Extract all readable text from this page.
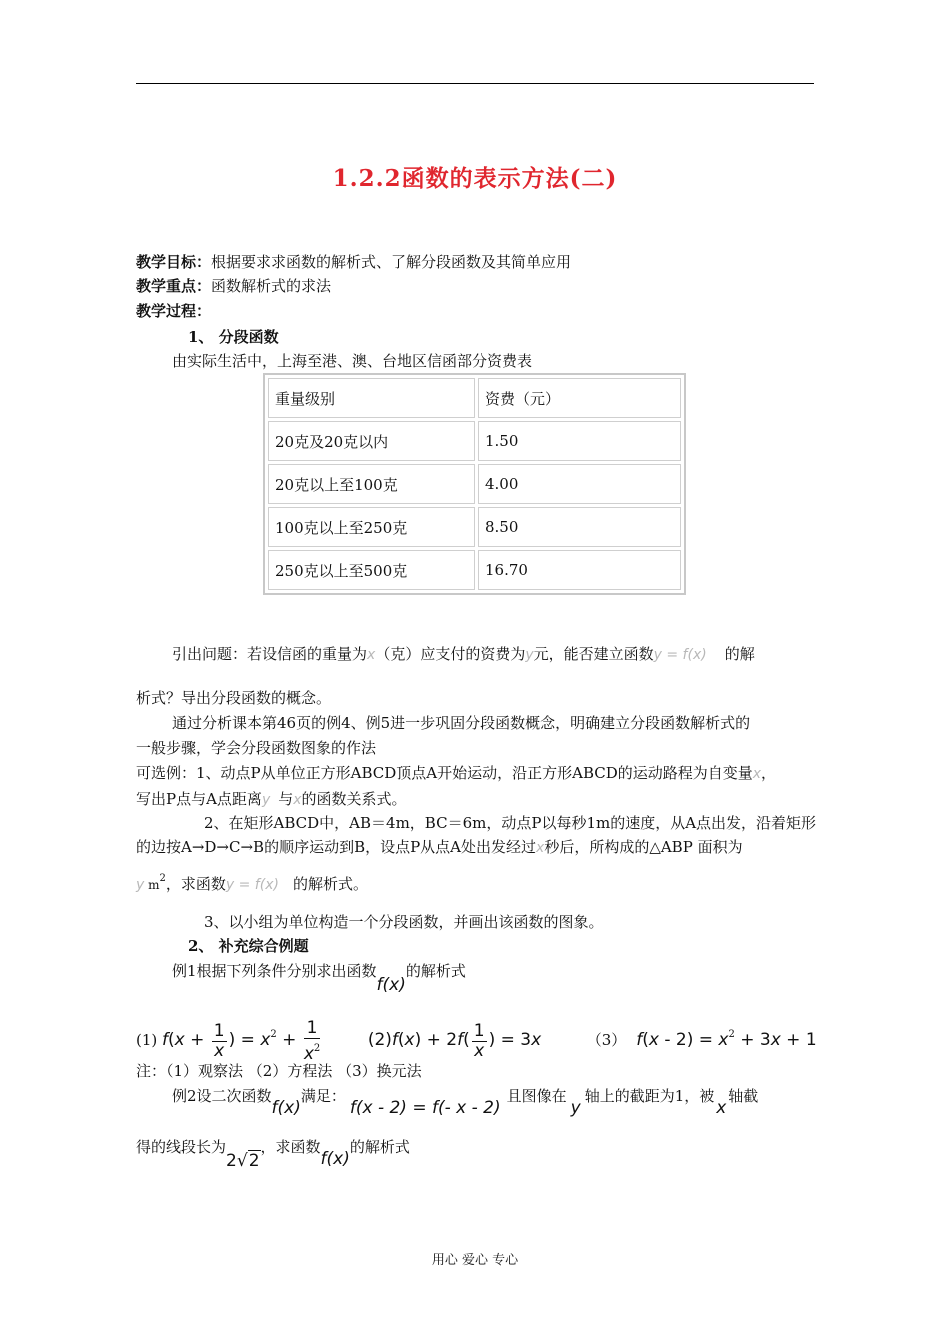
1.2.2函数的表示方法(二)
教学目标：根据要求求函数的解析式、了解分段函数及其简单应用
教学重点：函数解析式的求法
教学过程：
1、 分段函数
由实际生活中，上海至港、澳、台地区信函部分资费表
重量级别	资费（元）
20克及20克以内	1.50
20克以上至100克	4.00
100克以上至250克	8.50
250克以上至500克	16.70
引出问题：若设信函的重量为x（克）应支付的资费为y元，能否建立函数y = f(x) 的解
析式？导出分段函数的概念。
通过分析课本第46页的例4、例5进一步巩固分段函数概念，明确建立分段函数解析式的
一般步骤，学会分段函数图象的作法
可选例：1、动点P从单位正方形ABCD顶点A开始运动，沿正方形ABCD的运动路程为自变量x，
写出P点与A点距离y 与x的函数关系式。
2、在矩形ABCD中，AB＝4m，BC＝6m，动点P以每秒1m的速度，从A点出发，沿着矩形
的边按A→D→C→B的顺序运动到B，设点P从点A处出发经过x秒后，所构成的△ABP 面积为
y $m^2$，求函数y = f(x) 的解析式。
3、以小组为单位构造一个分段函数，并画出该函数的图象。
2、 补充综合例题
例1根据下列条件分别求出函数f(x)的解析式
(1) $f(x + \frac{1}{x}$ ) = $x^2 + \frac{1}{x^2}$	$(2)f(x) + 2f( \frac{1}{x}$ ) = 3x	（3） $f(x - 2) = x^2 + 3x + 1$
注：（1）观察法 （2）方程法 （3）换元法
例2设二次函数f(x)满足：f(x - 2) = f(- x - 2)且图像在y轴上的截距为1，被x轴截
得的线段长为2√2，求函数f(x)的解析式
用心 爱心 专心
